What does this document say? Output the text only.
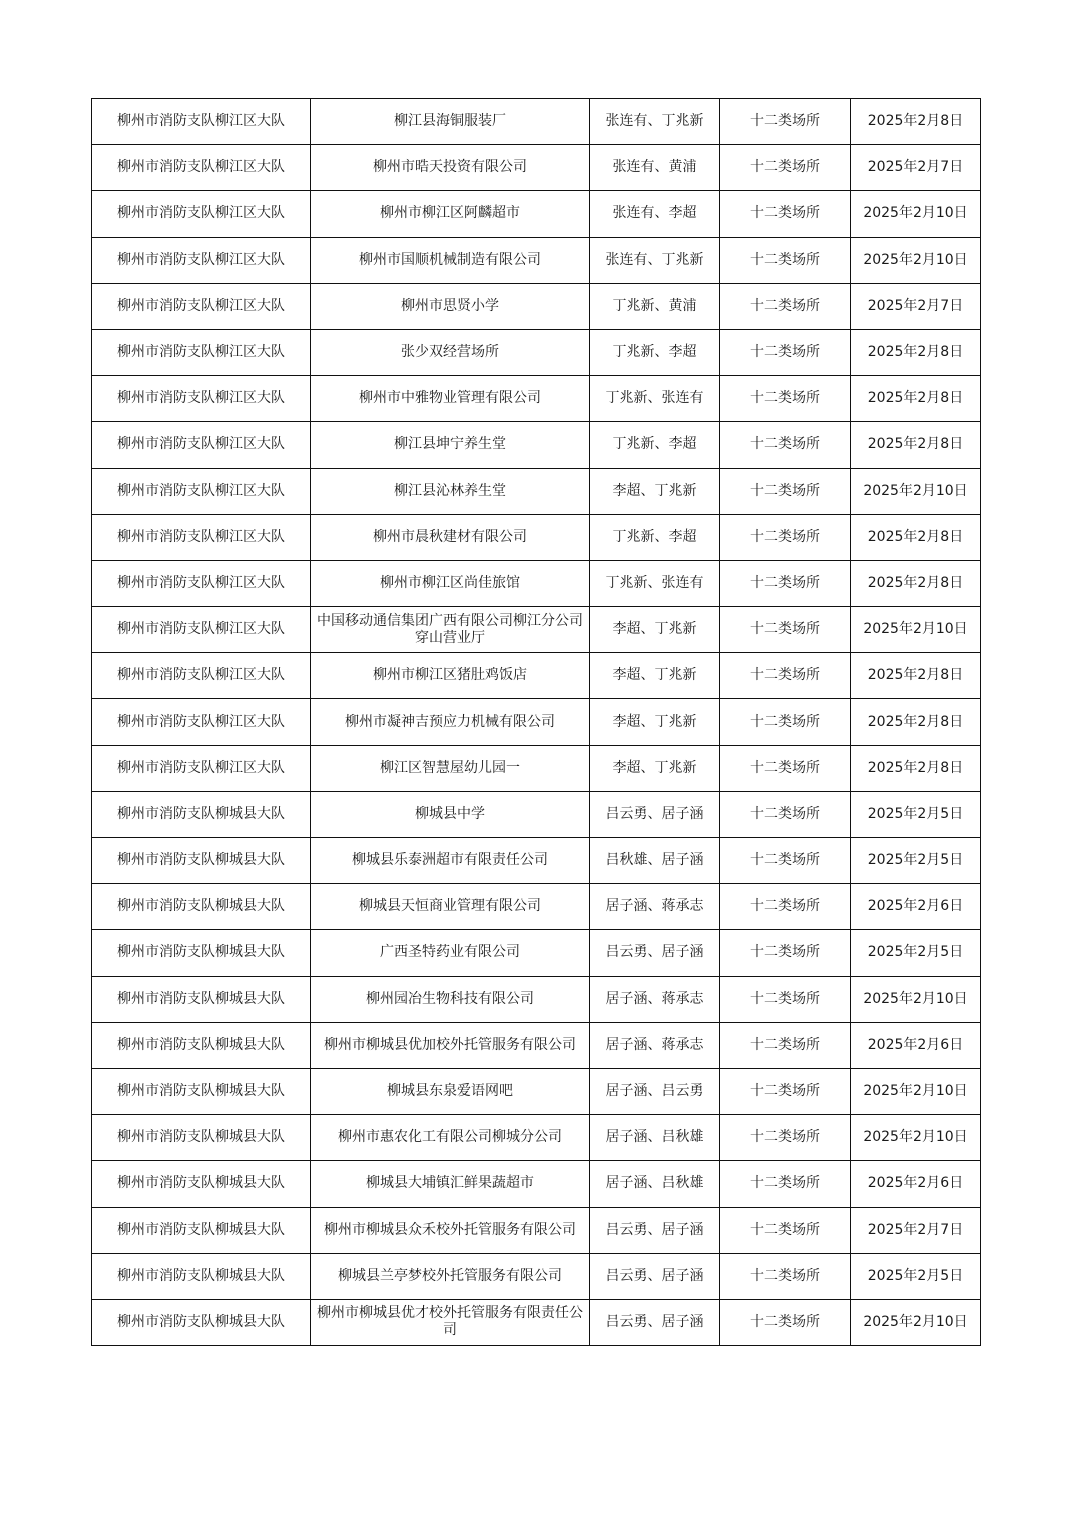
柳州市消防支队柳江区大队	柳江县海铜服装厂	张连有、丁兆新	十二类场所	2025年2月8日
柳州市消防支队柳江区大队	柳州市晧天投资有限公司	张连有、黄浦	十二类场所	2025年2月7日
柳州市消防支队柳江区大队	柳州市柳江区阿麟超市	张连有、李超	十二类场所	2025年2月10日
柳州市消防支队柳江区大队	柳州市国顺机械制造有限公司	张连有、丁兆新	十二类场所	2025年2月10日
柳州市消防支队柳江区大队	柳州市思贤小学	丁兆新、黄浦	十二类场所	2025年2月7日
柳州市消防支队柳江区大队	张少双经营场所	丁兆新、李超	十二类场所	2025年2月8日
柳州市消防支队柳江区大队	柳州市中雅物业管理有限公司	丁兆新、张连有	十二类场所	2025年2月8日
柳州市消防支队柳江区大队	柳江县坤宁养生堂	丁兆新、李超	十二类场所	2025年2月8日
柳州市消防支队柳江区大队	柳江县沁林养生堂	李超、丁兆新	十二类场所	2025年2月10日
柳州市消防支队柳江区大队	柳州市晨秋建材有限公司	丁兆新、李超	十二类场所	2025年2月8日
柳州市消防支队柳江区大队	柳州市柳江区尚佳旅馆	丁兆新、张连有	十二类场所	2025年2月8日
柳州市消防支队柳江区大队	中国移动通信集团广西有限公司柳江分公司穿山营业厅	李超、丁兆新	十二类场所	2025年2月10日
柳州市消防支队柳江区大队	柳州市柳江区猪肚鸡饭店	李超、丁兆新	十二类场所	2025年2月8日
柳州市消防支队柳江区大队	柳州市凝神吉预应力机械有限公司	李超、丁兆新	十二类场所	2025年2月8日
柳州市消防支队柳江区大队	柳江区智慧屋幼儿园一	李超、丁兆新	十二类场所	2025年2月8日
柳州市消防支队柳城县大队	柳城县中学	吕云勇、居子涵	十二类场所	2025年2月5日
柳州市消防支队柳城县大队	柳城县乐泰洲超市有限责任公司	吕秋雄、居子涵	十二类场所	2025年2月5日
柳州市消防支队柳城县大队	柳城县天恒商业管理有限公司	居子涵、蒋承志	十二类场所	2025年2月6日
柳州市消防支队柳城县大队	广西圣特药业有限公司	吕云勇、居子涵	十二类场所	2025年2月5日
柳州市消防支队柳城县大队	柳州园冶生物科技有限公司	居子涵、蒋承志	十二类场所	2025年2月10日
柳州市消防支队柳城县大队	柳州市柳城县优加校外托管服务有限公司	居子涵、蒋承志	十二类场所	2025年2月6日
柳州市消防支队柳城县大队	柳城县东泉爱语网吧	居子涵、吕云勇	十二类场所	2025年2月10日
柳州市消防支队柳城县大队	柳州市惠农化工有限公司柳城分公司	居子涵、吕秋雄	十二类场所	2025年2月10日
柳州市消防支队柳城县大队	柳城县大埔镇汇鲜果蔬超市	居子涵、吕秋雄	十二类场所	2025年2月6日
柳州市消防支队柳城县大队	柳州市柳城县众禾校外托管服务有限公司	吕云勇、居子涵	十二类场所	2025年2月7日
柳州市消防支队柳城县大队	柳城县兰亭梦校外托管服务有限公司	吕云勇、居子涵	十二类场所	2025年2月5日
柳州市消防支队柳城县大队	柳州市柳城县优才校外托管服务有限责任公司	吕云勇、居子涵	十二类场所	2025年2月10日
